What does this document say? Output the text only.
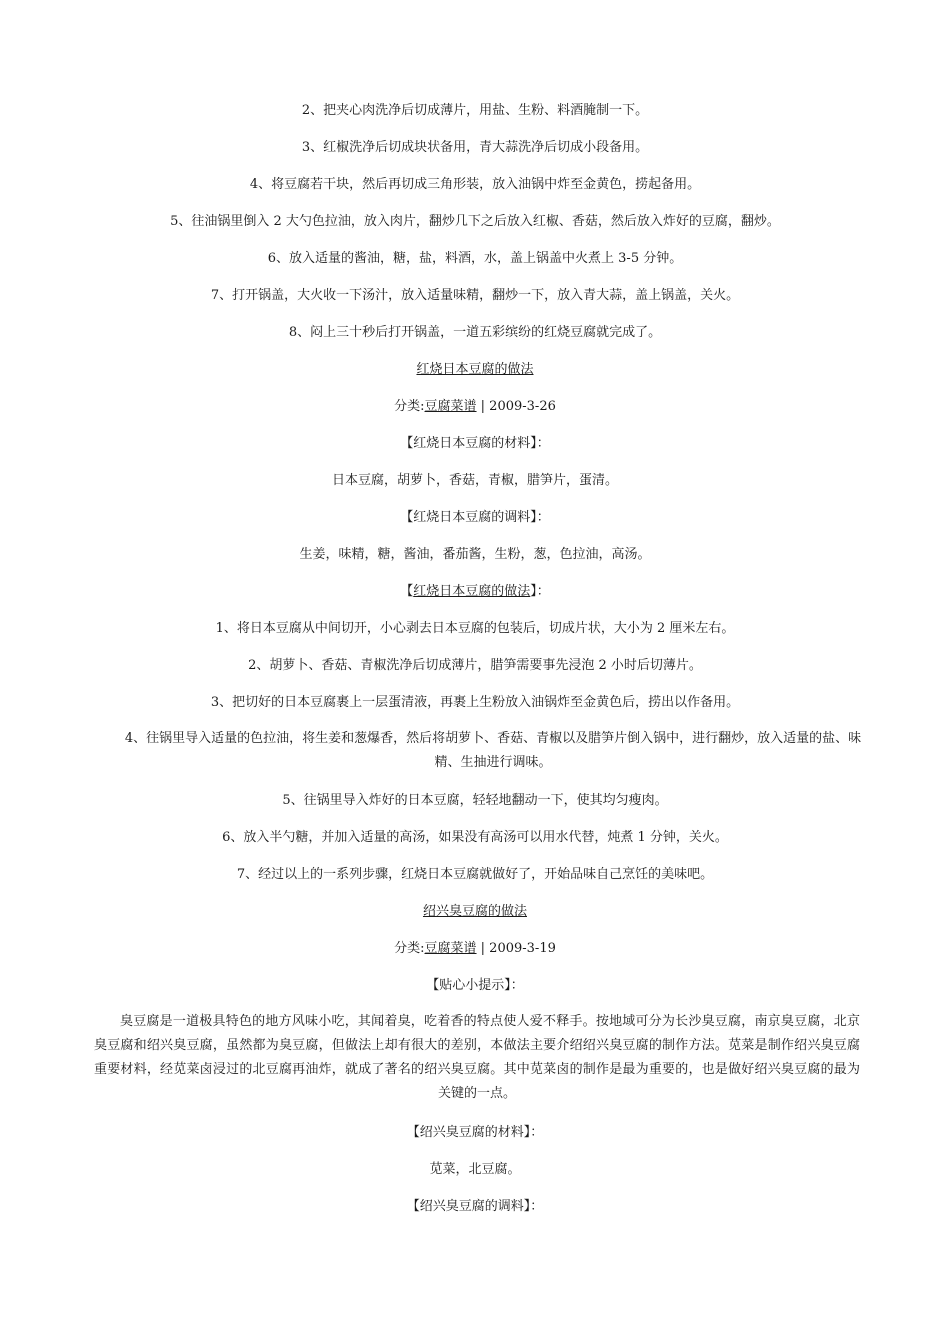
2、把夹心肉洗净后切成薄片，用盐、生粉、料酒腌制一下。

3、红椒洗净后切成块状备用，青大蒜洗净后切成小段备用。

4、将豆腐若干块，然后再切成三角形装，放入油锅中炸至金黄色，捞起备用。

5、往油锅里倒入 2 大勺色拉油，放入肉片，翻炒几下之后放入红椒、香菇，然后放入炸好的豆腐，翻炒。

6、放入适量的酱油，糖，盐，料酒，水，盖上锅盖中火煮上 3-5 分钟。

7、打开锅盖，大火收一下汤汁，放入适量味精，翻炒一下，放入青大蒜，盖上锅盖，关火。

8、闷上三十秒后打开锅盖，一道五彩缤纷的红烧豆腐就完成了。

红烧日本豆腐的做法

分类:豆腐菜谱 | 2009-3-26

【红烧日本豆腐的材料】：

日本豆腐，胡萝卜，香菇，青椒，腊笋片，蛋清。

【红烧日本豆腐的调料】：

生姜，味精，糖，酱油，番茄酱，生粉，葱，色拉油，高汤。

【红烧日本豆腐的做法】：

1、将日本豆腐从中间切开，小心剥去日本豆腐的包装后，切成片状，大小为 2 厘米左右。

2、胡萝卜、香菇、青椒洗净后切成薄片，腊笋需要事先浸泡 2 小时后切薄片。

3、把切好的日本豆腐裹上一层蛋清液，再裹上生粉放入油锅炸至金黄色后，捞出以作备用。

4、往锅里导入适量的色拉油，将生姜和葱爆香，然后将胡萝卜、香菇、青椒以及腊笋片倒入锅中，进行翻炒，放入适量的盐、味精、生抽进行调味。

5、往锅里导入炸好的日本豆腐，轻轻地翻动一下，使其均匀瘦肉。

6、放入半勺糖，并加入适量的高汤，如果没有高汤可以用水代替，炖煮 1 分钟，关火。

7、经过以上的一系列步骤，红烧日本豆腐就做好了，开始品味自己烹饪的美味吧。

绍兴臭豆腐的做法

分类:豆腐菜谱 | 2009-3-19

【贴心小提示】：

臭豆腐是一道极具特色的地方风味小吃，其闻着臭，吃着香的特点使人爱不释手。按地域可分为长沙臭豆腐，南京臭豆腐，北京臭豆腐和绍兴臭豆腐，虽然都为臭豆腐，但做法上却有很大的差别，本做法主要介绍绍兴臭豆腐的制作方法。苋菜是制作绍兴臭豆腐重要材料，经苋菜卤浸过的北豆腐再油炸，就成了著名的绍兴臭豆腐。其中苋菜卤的制作是最为重要的，也是做好绍兴臭豆腐的最为关键的一点。

【绍兴臭豆腐的材料】：

苋菜，北豆腐。

【绍兴臭豆腐的调料】：
